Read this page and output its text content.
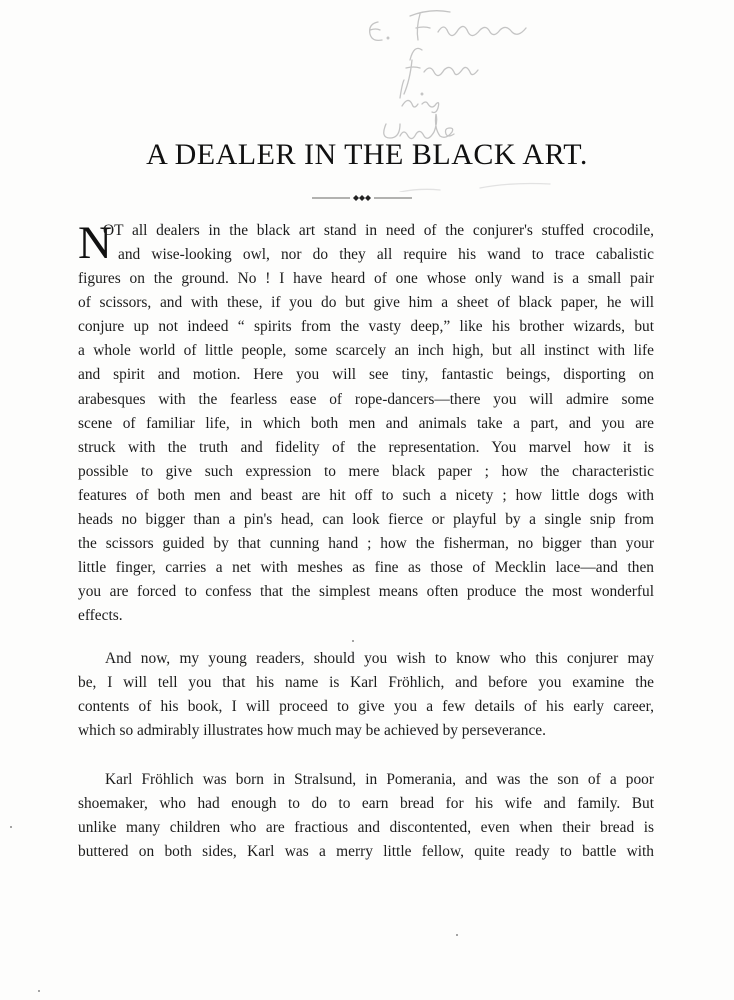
A DEALER IN THE BLACK ART.
N
OT all dealers in the black art stand in need of the conjurer's stuffed crocodile,
and wise-looking owl, nor do they all require his wand to trace cabalistic
figures on the ground. No ! I have heard of one whose only wand is a small pair
of scissors, and with these, if you do but give him a sheet of black paper, he will
conjure up not indeed “ spirits from the vasty deep,” like his brother wizards, but
a whole world of little people, some scarcely an inch high, but all instinct with life
and spirit and motion. Here you will see tiny, fantastic beings, disporting on
arabesques with the fearless ease of rope-dancers—there you will admire some
scene of familiar life, in which both men and animals take a part, and you are
struck with the truth and fidelity of the representation. You marvel how it is
possible to give such expression to mere black paper ; how the characteristic
features of both men and beast are hit off to such a nicety ; how little dogs with
heads no bigger than a pin's head, can look fierce or playful by a single snip from
the scissors guided by that cunning hand ; how the fisherman, no bigger than your
little finger, carries a net with meshes as fine as those of Mecklin lace—and then
you are forced to confess that the simplest means often produce the most wonderful
effects.
And now, my young readers, should you wish to know who this conjurer may
be, I will tell you that his name is Karl Fröhlich, and before you examine the
contents of his book, I will proceed to give you a few details of his early career,
which so admirably illustrates how much may be achieved by perseverance.
Karl Fröhlich was born in Stralsund, in Pomerania, and was the son of a poor
shoemaker, who had enough to do to earn bread for his wife and family. But
unlike many children who are fractious and discontented, even when their bread is
buttered on both sides, Karl was a merry little fellow, quite ready to battle with
